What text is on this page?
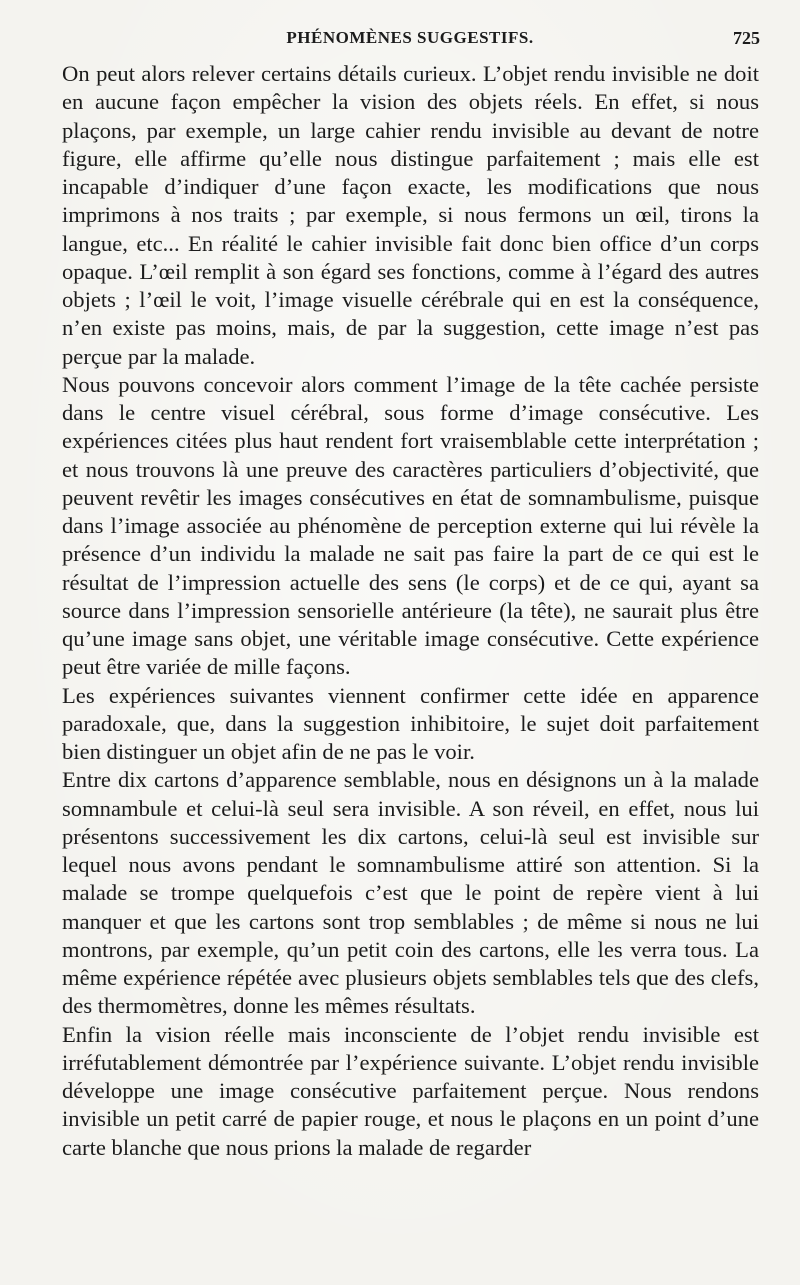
PHÉNOMÈNES SUGGESTIFS.	725

On peut alors relever certains détails curieux. L’objet rendu invisible ne doit en aucune façon empêcher la vision des objets réels. En effet, si nous plaçons, par exemple, un large cahier rendu invisible au devant de notre figure, elle affirme qu’elle nous distingue parfaitement ; mais elle est incapable d’indiquer d’une façon exacte, les modifications que nous imprimons à nos traits ; par exemple, si nous fermons un œil, tirons la langue, etc... En réalité le cahier invisible fait donc bien office d’un corps opaque. L’œil remplit à son égard ses fonctions, comme à l’égard des autres objets ; l’œil le voit, l’image visuelle cérébrale qui en est la conséquence, n’en existe pas moins, mais, de par la suggestion, cette image n’est pas perçue par la malade.

Nous pouvons concevoir alors comment l’image de la tête cachée persiste dans le centre visuel cérébral, sous forme d’image consécutive. Les expériences citées plus haut rendent fort vraisemblable cette interprétation ; et nous trouvons là une preuve des caractères particuliers d’objectivité, que peuvent revêtir les images consécutives en état de somnambulisme, puisque dans l’image associée au phénomène de perception externe qui lui révèle la présence d’un individu la malade ne sait pas faire la part de ce qui est le résultat de l’impression actuelle des sens (le corps) et de ce qui, ayant sa source dans l’impression sensorielle antérieure (la tête), ne saurait plus être qu’une image sans objet, une véritable image consécutive. Cette expérience peut être variée de mille façons.

Les expériences suivantes viennent confirmer cette idée en apparence paradoxale, que, dans la suggestion inhibitoire, le sujet doit parfaitement bien distinguer un objet afin de ne pas le voir.

Entre dix cartons d’apparence semblable, nous en désignons un à la malade somnambule et celui-là seul sera invisible. A son réveil, en effet, nous lui présentons successivement les dix cartons, celui-là seul est invisible sur lequel nous avons pendant le somnambulisme attiré son attention. Si la malade se trompe quelquefois c’est que le point de repère vient à lui manquer et que les cartons sont trop semblables ; de même si nous ne lui montrons, par exemple, qu’un petit coin des cartons, elle les verra tous. La même expérience répétée avec plusieurs objets semblables tels que des clefs, des thermomètres, donne les mêmes résultats.

Enfin la vision réelle mais inconsciente de l’objet rendu invisible est irréfutablement démontrée par l’expérience suivante. L’objet rendu invisible développe une image consécutive parfaitement perçue. Nous rendons invisible un petit carré de papier rouge, et nous le plaçons en un point d’une carte blanche que nous prions la malade de regarder
